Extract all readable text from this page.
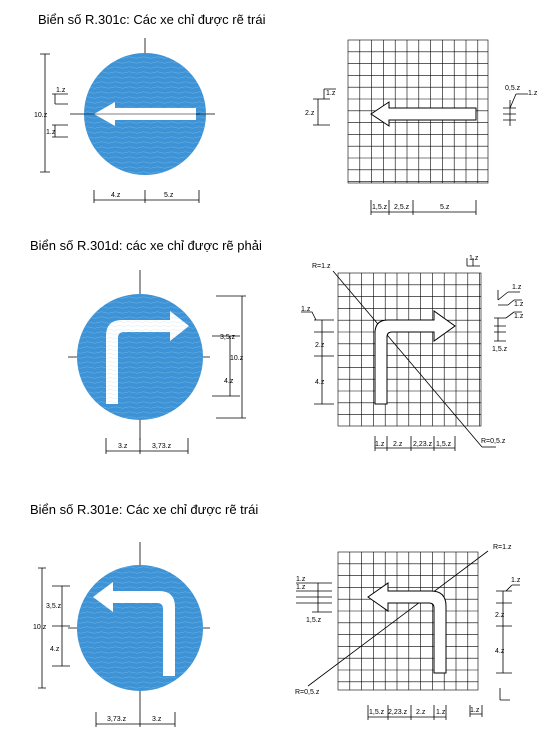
Biển số R.301c: Các xe chỉ được rẽ trái
Biển số R.301d: các xe chỉ được rẽ phải
Biển số R.301e: Các xe chỉ được rẽ trái
10.z
1.z
1.z
4.z	5.z
2.z
1.z
0,5.z
1.z
1,5.z 2,5.z	5.z
10.z
3,5.z
4.z
3.z	3,73.z
R=1.z
R=0,5.z
1.z
2.z
4.z
1.z
1.z
1.z
1.z
1,5.z
1.z 2.z 2,23.z 1,5.z
10.z
3,5.z
4.z
3,73.z	3.z
R=1.z
R=0,5.z
1.z
1.z
1,5.z
1.z
2.z
4.z
1,5.z 2,23.z 2.z 1.z	1.z
